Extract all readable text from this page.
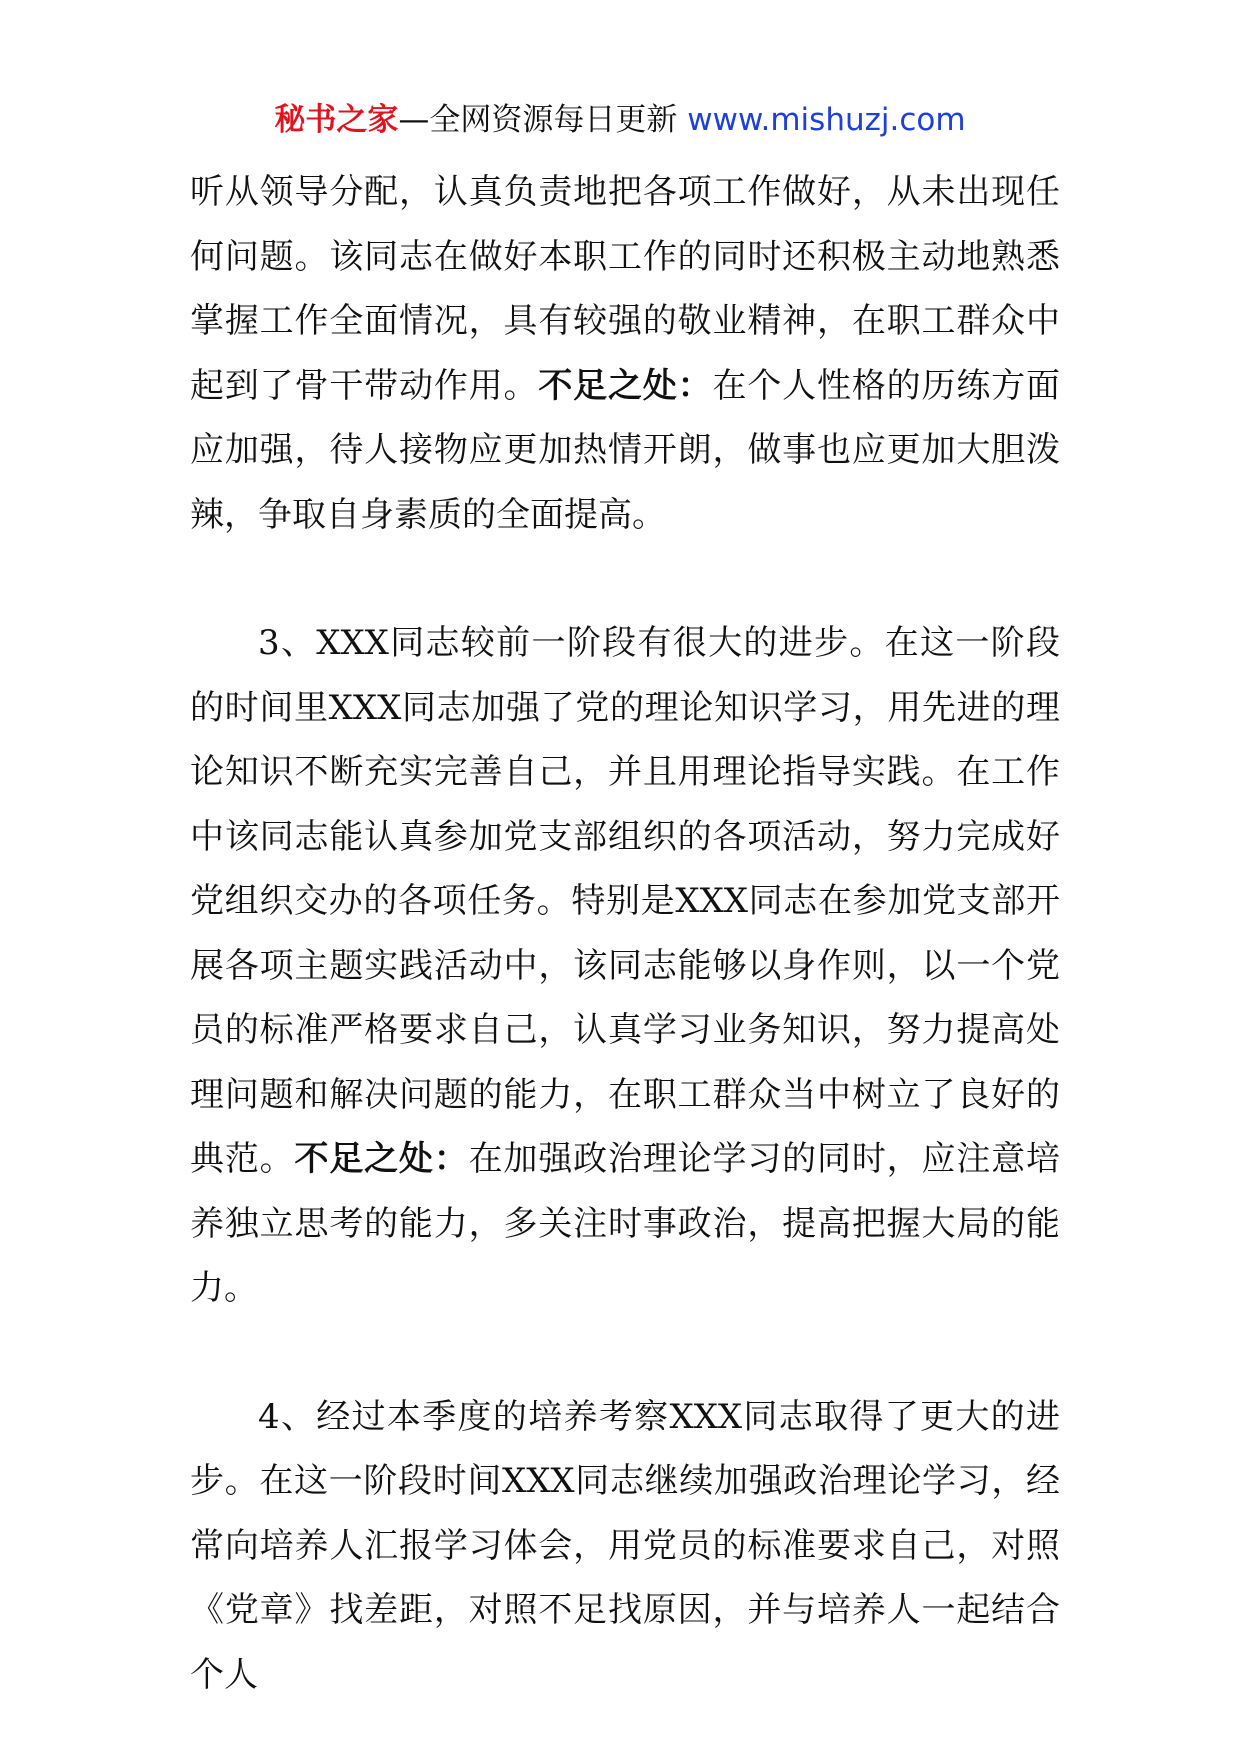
秘书之家—全网资源每日更新 www.mishuzj.com

听从领导分配，认真负责地把各项工作做好，从未出现任何问题。该同志在做好本职工作的同时还积极主动地熟悉掌握工作全面情况，具有较强的敬业精神，在职工群众中起到了骨干带动作用。不足之处：在个人性格的历练方面应加强，待人接物应更加热情开朗，做事也应更加大胆泼辣，争取自身素质的全面提高。

3、XXX同志较前一阶段有很大的进步。在这一阶段的时间里XXX同志加强了党的理论知识学习，用先进的理论知识不断充实完善自己，并且用理论指导实践。在工作中该同志能认真参加党支部组织的各项活动，努力完成好党组织交办的各项任务。特别是XXX同志在参加党支部开展各项主题实践活动中，该同志能够以身作则，以一个党员的标准严格要求自己，认真学习业务知识，努力提高处理问题和解决问题的能力，在职工群众当中树立了良好的典范。不足之处：在加强政治理论学习的同时，应注意培养独立思考的能力，多关注时事政治，提高把握大局的能力。

4、经过本季度的培养考察XXX同志取得了更大的进步。在这一阶段时间XXX同志继续加强政治理论学习，经常向培养人汇报学习体会，用党员的标准要求自己，对照《党章》找差距，对照不足找原因，并与培养人一起结合个人
